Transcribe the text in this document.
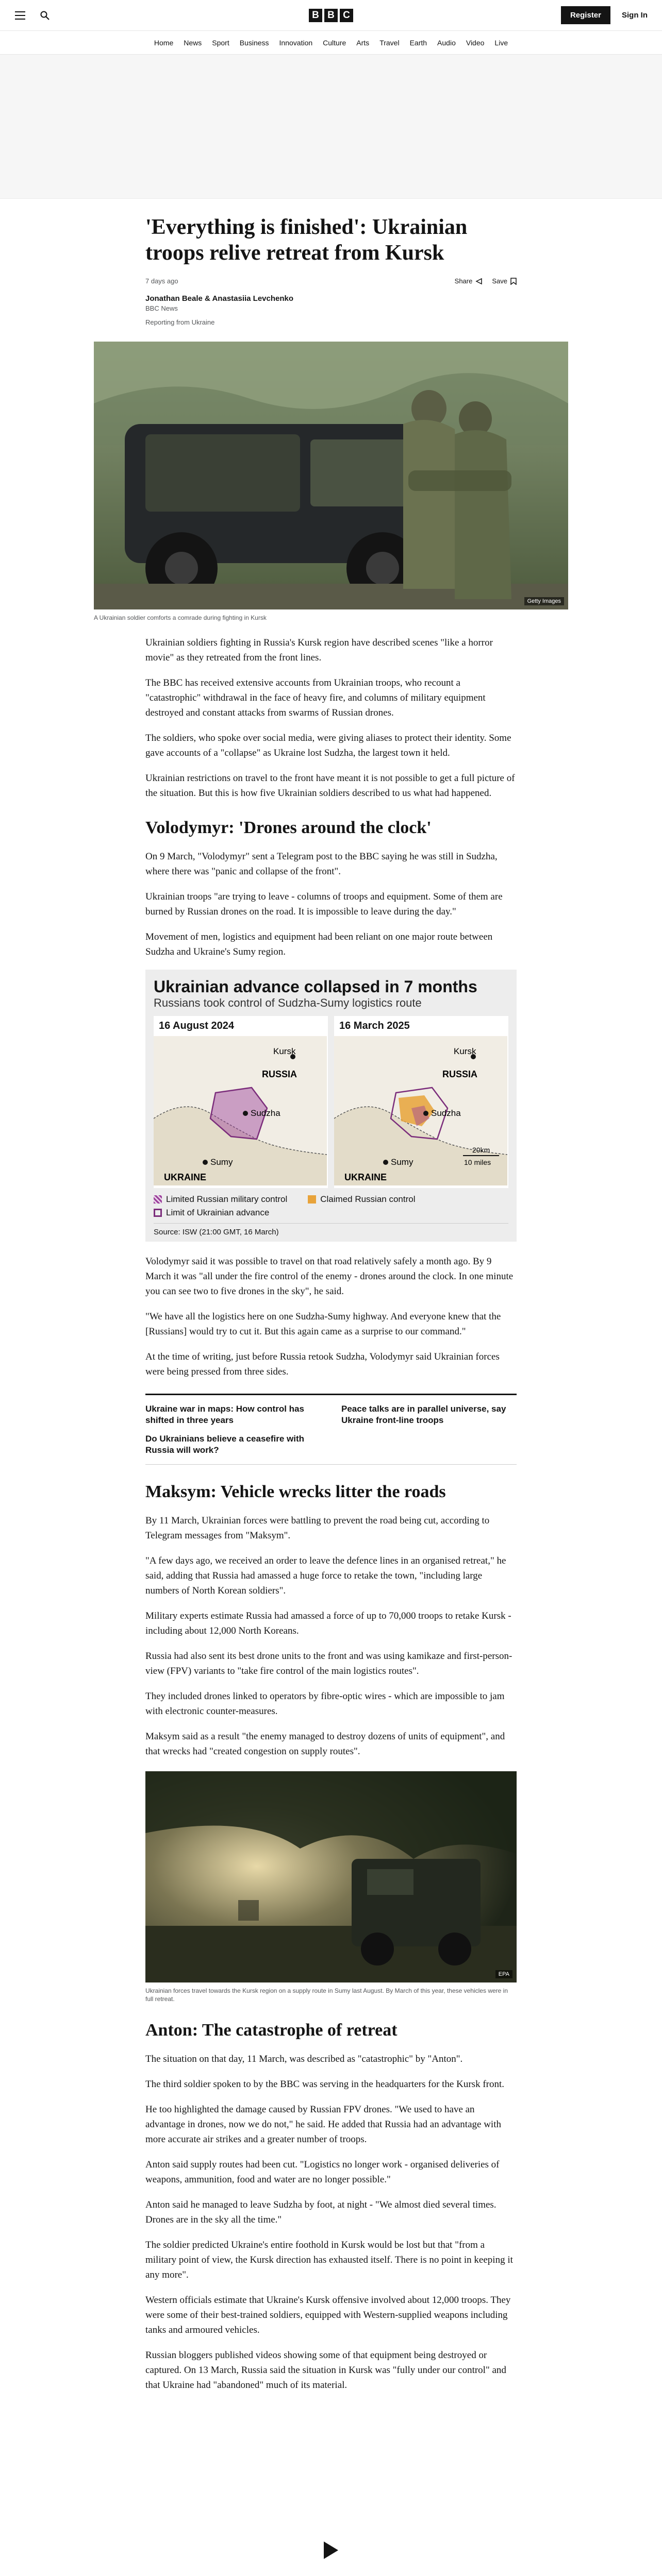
B B C	Register	Sign In
Home	News	Sport	Business	Innovation	Culture	Arts	Travel	Earth	Audio	Video	Live
'Everything is finished': Ukrainian troops relive retreat from Kursk
7 days ago	Share	Save
Jonathan Beale & Anastasiia Levchenko
BBC News
Reporting from Ukraine
Getty Images
A Ukrainian soldier comforts a comrade during fighting in Kursk

Ukrainian soldiers fighting in Russia's Kursk region have described scenes "like a horror movie" as they retreated from the front lines.

The BBC has received extensive accounts from Ukrainian troops, who recount a "catastrophic" withdrawal in the face of heavy fire, and columns of military equipment destroyed and constant attacks from swarms of Russian drones.

The soldiers, who spoke over social media, were giving aliases to protect their identity. Some gave accounts of a "collapse" as Ukraine lost Sudzha, the largest town it held.

Ukrainian restrictions on travel to the front have meant it is not possible to get a full picture of the situation. But this is how five Ukrainian soldiers described to us what had happened.

Volodymyr: 'Drones around the clock'

On 9 March, "Volodymyr" sent a Telegram post to the BBC saying he was still in Sudzha, where there was "panic and collapse of the front".

Ukrainian troops "are trying to leave - columns of troops and equipment. Some of them are burned by Russian drones on the road. It is impossible to leave during the day."

Movement of men, logistics and equipment had been reliant on one major route between Sudzha and Ukraine's Sumy region.

Ukrainian advance collapsed in 7 months
Russians took control of Sudzha-Sumy logistics route
16 August 2024
Kursk
RUSSIA
Sudzha
Sumy
UKRAINE
16 March 2025
Kursk
RUSSIA
Sudzha
Sumy
UKRAINE
20km
10 miles
Limited Russian military control	Claimed Russian control
Limit of Ukrainian advance
Source: ISW (21:00 GMT, 16 March)

Volodymyr said it was possible to travel on that road relatively safely a month ago. By 9 March it was "all under the fire control of the enemy - drones around the clock. In one minute you can see two to five drones in the sky", he said.

"We have all the logistics here on one Sudzha-Sumy highway. And everyone knew that the [Russians] would try to cut it. But this again came as a surprise to our command."

At the time of writing, just before Russia retook Sudzha, Volodymyr said Ukrainian forces were being pressed from three sides.

Ukraine war in maps: How control has shifted in three years
Peace talks are in parallel universe, say Ukraine front-line troops
Do Ukrainians believe a ceasefire with Russia will work?
Maksym: Vehicle wrecks litter the roads

By 11 March, Ukrainian forces were battling to prevent the road being cut, according to Telegram messages from "Maksym".

"A few days ago, we received an order to leave the defence lines in an organised retreat," he said, adding that Russia had amassed a huge force to retake the town, "including large numbers of North Korean soldiers".

Military experts estimate Russia had amassed a force of up to 70,000 troops to retake Kursk - including about 12,000 North Koreans.

Russia had also sent its best drone units to the front and was using kamikaze and first-person-view (FPV) variants to "take fire control of the main logistics routes".

They included drones linked to operators by fibre-optic wires - which are impossible to jam with electronic counter-measures.

Maksym said as a result "the enemy managed to destroy dozens of units of equipment", and that wrecks had "created congestion on supply routes".

EPA
Ukrainian forces travel towards the Kursk region on a supply route in Sumy last August. By March of this year, these vehicles were in full retreat.
Anton: The catastrophe of retreat

The situation on that day, 11 March, was described as "catastrophic" by "Anton".

The third soldier spoken to by the BBC was serving in the headquarters for the Kursk front.

He too highlighted the damage caused by Russian FPV drones. "We used to have an advantage in drones, now we do not," he said. He added that Russia had an advantage with more accurate air strikes and a greater number of troops.

Anton said supply routes had been cut. "Logistics no longer work - organised deliveries of weapons, ammunition, food and water are no longer possible."

Anton said he managed to leave Sudzha by foot, at night - "We almost died several times. Drones are in the sky all the time."

The soldier predicted Ukraine's entire foothold in Kursk would be lost but that "from a military point of view, the Kursk direction has exhausted itself. There is no point in keeping it any more".

Western officials estimate that Ukraine's Kursk offensive involved about 12,000 troops. They were some of their best-trained soldiers, equipped with Western-supplied weapons including tanks and armoured vehicles.

Russian bloggers published videos showing some of that equipment being destroyed or captured. On 13 March, Russia said the situation in Kursk was "fully under our control" and that Ukraine had "abandoned" much of its material.
